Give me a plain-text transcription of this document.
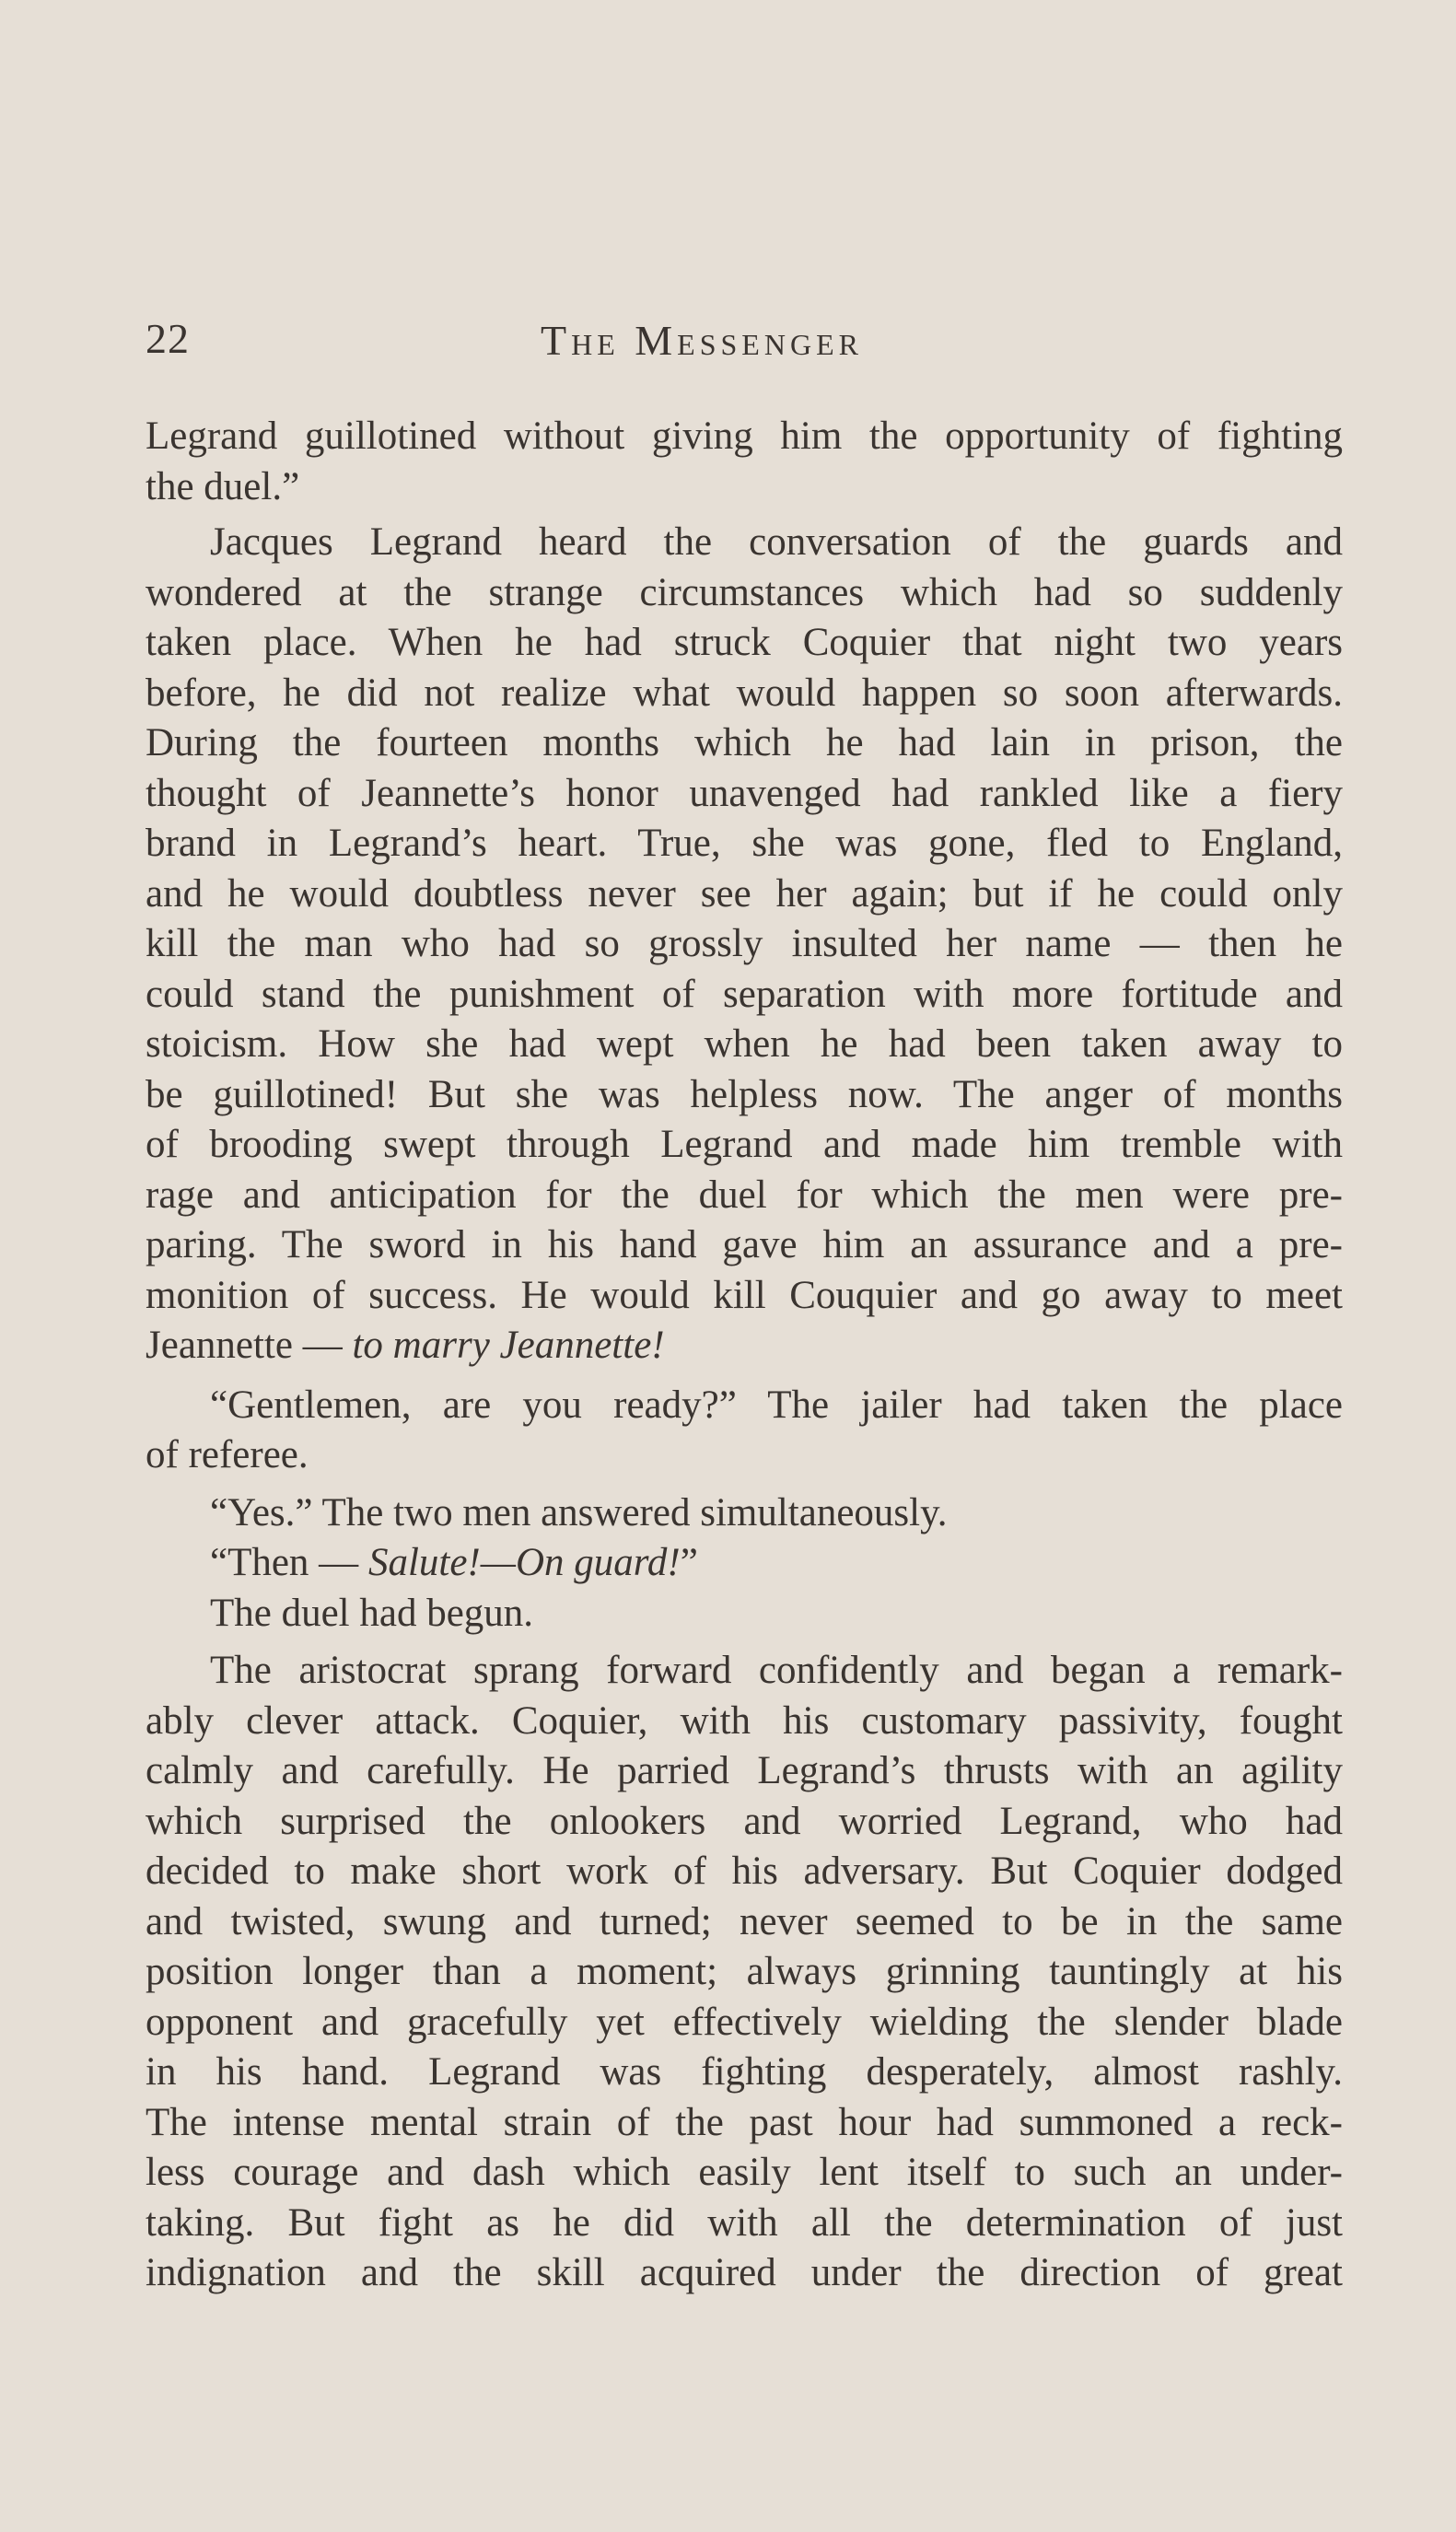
22	The Messenger
Legrand guillotined without giving him the opportunity of fighting
the duel.”
Jacques Legrand heard the conversation of the guards and
wondered at the strange circumstances which had so suddenly
taken place. When he had struck Coquier that night two years
before, he did not realize what would happen so soon afterwards.
During the fourteen months which he had lain in prison, the
thought of Jeannette’s honor unavenged had rankled like a fiery
brand in Legrand’s heart. True, she was gone, fled to England,
and he would doubtless never see her again; but if he could only
kill the man who had so grossly insulted her name — then he
could stand the punishment of separation with more fortitude and
stoicism. How she had wept when he had been taken away to
be guillotined! But she was helpless now. The anger of months
of brooding swept through Legrand and made him tremble with
rage and anticipation for the duel for which the men were pre-
paring. The sword in his hand gave him an assurance and a pre-
monition of success. He would kill Couquier and go away to meet
Jeannette — to marry Jeannette!
“Gentlemen, are you ready?” The jailer had taken the place
of referee.
“Yes.” The two men answered simultaneously.
“Then — Salute!—On guard!”
The duel had begun.
The aristocrat sprang forward confidently and began a remark-
ably clever attack. Coquier, with his customary passivity, fought
calmly and carefully. He parried Legrand’s thrusts with an agility
which surprised the onlookers and worried Legrand, who had
decided to make short work of his adversary. But Coquier dodged
and twisted, swung and turned; never seemed to be in the same
position longer than a moment; always grinning tauntingly at his
opponent and gracefully yet effectively wielding the slender blade
in his hand. Legrand was fighting desperately, almost rashly.
The intense mental strain of the past hour had summoned a reck-
less courage and dash which easily lent itself to such an under-
taking. But fight as he did with all the determination of just
indignation and the skill acquired under the direction of great
